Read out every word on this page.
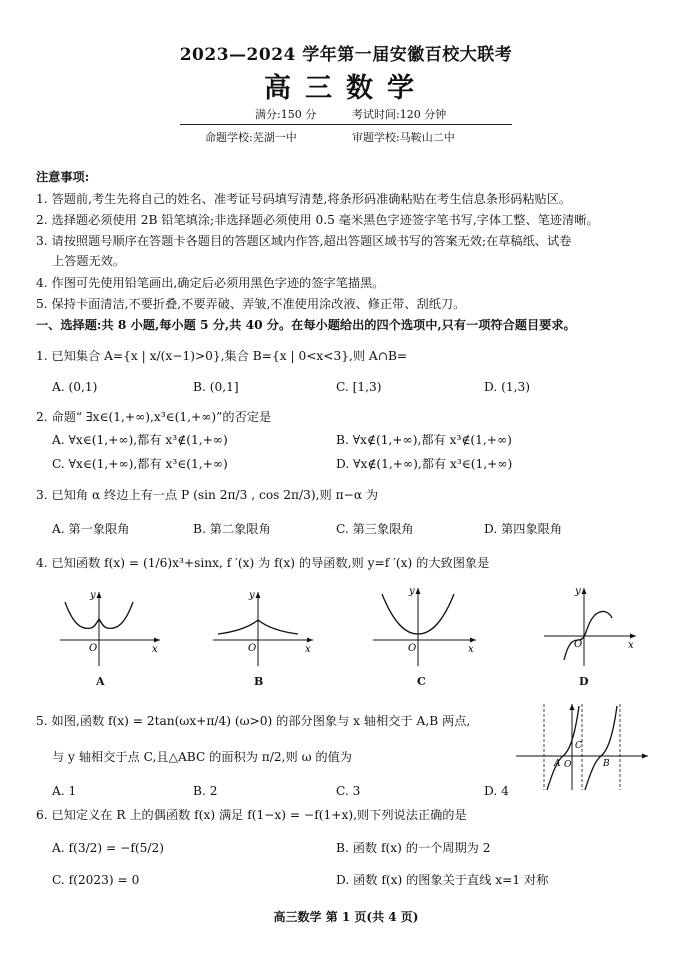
2023—2024 学年第一届安徽百校大联考
高三数学
满分:150 分	考试时间:120 分钟
命题学校:芜湖一中	审题学校:马鞍山二中
注意事项:
1. 答题前,考生先将自己的姓名、准考证号码填写清楚,将条形码准确粘贴在考生信息条形码粘贴区。
2. 选择题必须使用 2B 铅笔填涂;非选择题必须使用 0.5 毫米黑色字迹签字笔书写,字体工整、笔迹清晰。
3. 请按照题号顺序在答题卡各题目的答题区域内作答,超出答题区域书写的答案无效;在草稿纸、试卷
上答题无效。
4. 作图可先使用铅笔画出,确定后必须用黑色字迹的签字笔描黑。
5. 保持卡面清洁,不要折叠,不要弄破、弄皱,不准使用涂改液、修正带、刮纸刀。
一、选择题:共 8 小题,每小题 5 分,共 40 分。在每小题给出的四个选项中,只有一项符合题目要求。
1. 已知集合 A={x | x/(x−1)>0},集合 B={x | 0<x<3},则 A∩B=
A. (0,1)	B. (0,1]	C. [1,3)	D. (1,3)
2. 命题“ ∃x∈(1,+∞),x³∈(1,+∞)”的否定是
A. ∀x∈(1,+∞),都有 x³∉(1,+∞)	B. ∀x∉(1,+∞),都有 x³∉(1,+∞)
C. ∀x∈(1,+∞),都有 x³∈(1,+∞)	D. ∀x∉(1,+∞),都有 x³∈(1,+∞)
3. 已知角 α 终边上有一点 P (sin 2π/3 , cos 2π/3),则 π−α 为
A. 第一象限角	B. 第二象限角	C. 第三象限角	D. 第四象限角
4. 已知函数 f(x) = (1/6)x³+sinx, f ′(x) 为 f(x) 的导函数,则 y=f ′(x) 的大致图象是
y
O	x
A
y
O	x
B
y
O	x
C
y
O	x
D
5. 如图,函数 f(x) = 2tan(ωx+π/4) (ω>0) 的部分图象与 x 轴相交于 A,B 两点,
与 y 轴相交于点 C,且△ABC 的面积为 π/2,则 ω 的值为
A. 1	B. 2	C. 3	D. 4
C
A O	B
6. 已知定义在 R 上的偶函数 f(x) 满足 f(1−x) = −f(1+x),则下列说法正确的是
A. f(3/2) = −f(5/2)	B. 函数 f(x) 的一个周期为 2
C. f(2023) = 0	D. 函数 f(x) 的图象关于直线 x=1 对称
高三数学 第 1 页(共 4 页)
